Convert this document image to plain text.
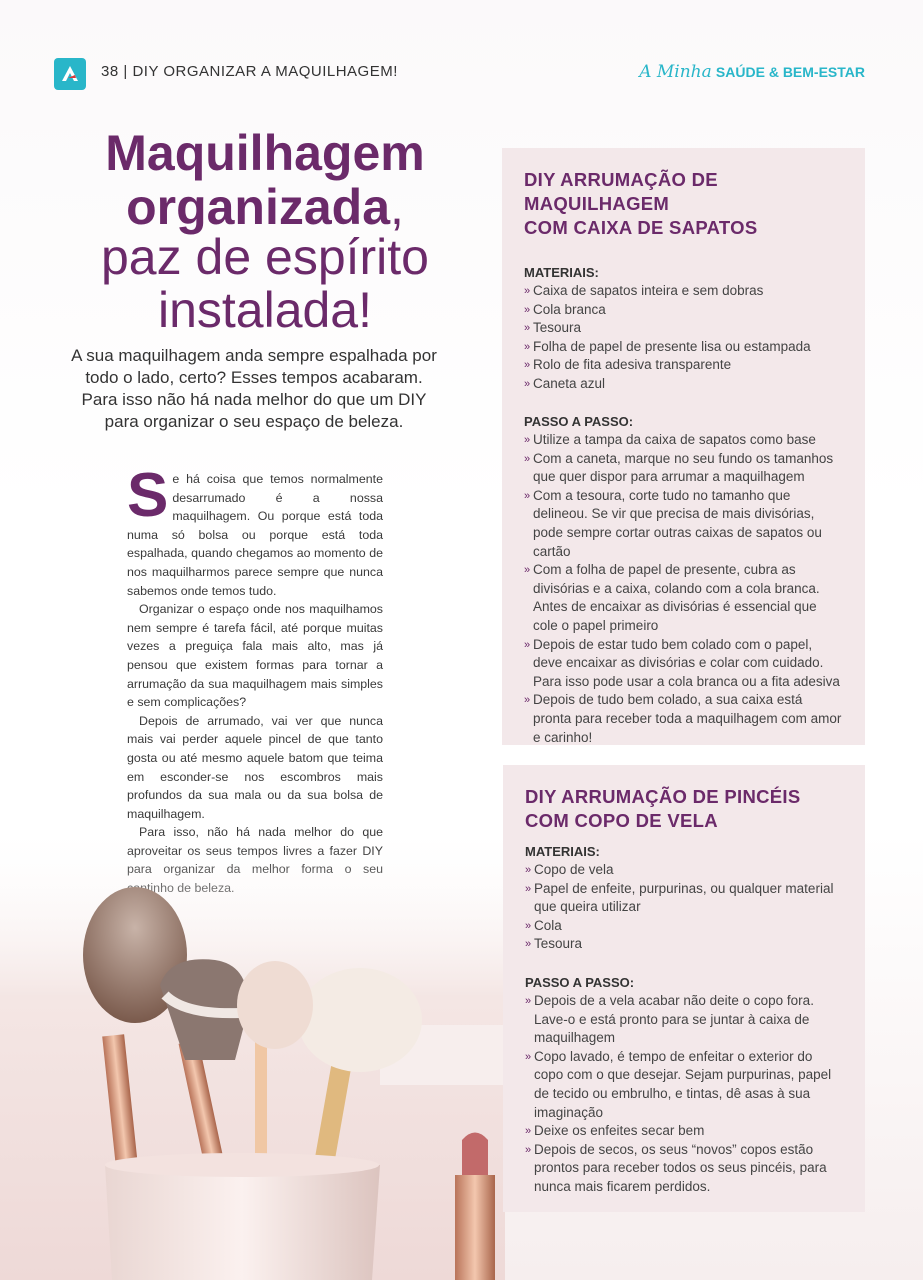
38 | DIY ORGANIZAR A MAQUILHAGEM!	A Minha SAÚDE & BEM-ESTAR
Maquilhagem
organizada,
paz de espírito
instalada!
A sua maquilhagem anda sempre espalhada por todo o lado, certo? Esses tempos acabaram. Para isso não há nada melhor do que um DIY para organizar o seu espaço de beleza.

Se há coisa que temos normalmente desarrumado é a nossa maquilhagem. Ou porque está toda numa só bolsa ou porque está toda espalhada, quando chegamos ao momento de nos maquilharmos parece sempre que nunca sabemos onde temos tudo.

Organizar o espaço onde nos maquilhamos nem sempre é tarefa fácil, até porque muitas vezes a preguiça fala mais alto, mas já pensou que existem formas para tornar a arrumação da sua maquilhagem mais simples e sem complicações?

Depois de arrumado, vai ver que nunca mais vai perder aquele pincel de que tanto gosta ou até mesmo aquele batom que teima em esconder-se nos escombros mais profundos da sua mala ou da sua bolsa de maquilhagem.

Para isso, não há nada melhor do que

DIY ARRUMAÇÃO DE
MAQUILHAGEM
COM CAIXA DE SAPATOS

MATERIAIS:

» Caixa de sapatos inteira e sem dobras
» Cola branca
» Tesoura
» Folha de papel de presente lisa ou estampada
» Rolo de fita adesiva transparente
» Caneta azul

PASSO A PASSO:

» Utilize a tampa da caixa de sapatos como base
» Com a caneta, marque no seu fundo os tamanhos que quer dispor para arrumar a maquilhagem
» Com a tesoura, corte tudo no tamanho que delineou. Se vir que precisa de mais divisórias, pode sempre cortar outras caixas de sapatos ou cartão
» Com a folha de papel de presente, cubra as divisórias e a caixa, colando com a cola branca. Antes de encaixar as divisórias é essencial que cole o papel primeiro
» Depois de estar tudo bem colado com o papel, deve encaixar as divisórias e colar com cuidado. Para isso pode usar a cola branca ou a fita adesiva
» Depois de tudo bem colado, a sua caixa está pronta para receber toda a maquilhagem com amor e carinho!
DIY ARRUMAÇÃO DE PINCÉIS
COM COPO DE VELA

MATERIAIS:

» Copo de vela
» Papel de enfeite, purpurinas, ou qualquer material que queira utilizar
» Cola
» Tesoura

PASSO A PASSO:

» Depois de a vela acabar não deite o copo fora. Lave-o e está pronto para se juntar à caixa de maquilhagem
» Copo lavado, é tempo de enfeitar o exterior do copo com o que desejar. Sejam purpurinas, papel de tecido ou embrulho, e tintas, dê asas à sua imaginação
» Deixe os enfeites secar bem
» Depois de secos, os seus “novos” copos estão prontos para receber todos os seus pincéis, para nunca mais ficarem perdidos.
